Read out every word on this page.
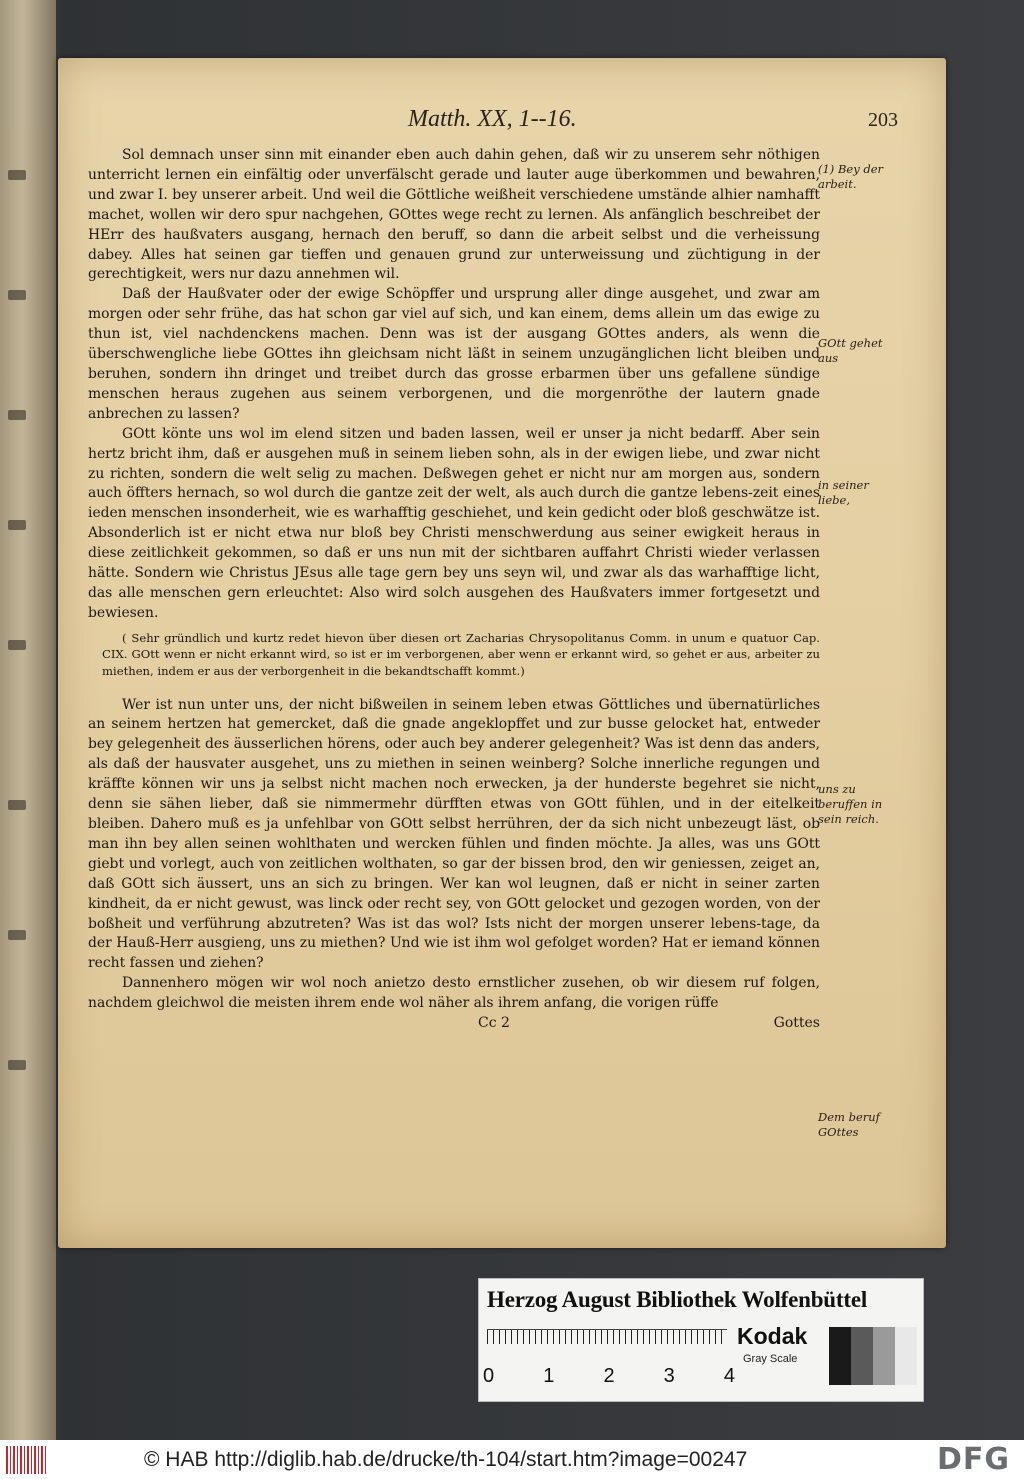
Matth. XX, 1--16.	203

Sol demnach unser sinn mit einander eben auch dahin gehen, daß wir zu unserem sehr nöthigen unterricht lernen ein einfältig oder unverfälscht gerade und lauter auge überkommen und bewahren, und zwar I. bey unserer arbeit. Und weil die Göttliche weißheit verschiedene umstände alhier namhafft machet, wollen wir dero spur nachgehen, GOttes wege recht zu lernen. Als anfänglich beschreibet der HErr des haußvaters ausgang, hernach den beruff, so dann die arbeit selbst und die verheissung dabey. Alles hat seinen gar tieffen und genauen grund zur unterweissung und züchtigung in der gerechtigkeit, wers nur dazu annehmen wil.

Daß der Haußvater oder der ewige Schöpffer und ursprung aller dinge ausgehet, und zwar am morgen oder sehr frühe, das hat schon gar viel auf sich, und kan einem, dems allein um das ewige zu thun ist, viel nachdenckens machen. Denn was ist der ausgang GOttes anders, als wenn die überschwengliche liebe GOttes ihn gleichsam nicht läßt in seinem unzugänglichen licht bleiben und beruhen, sondern ihn dringet und treibet durch das grosse erbarmen über uns gefallene sündige menschen heraus zugehen aus seinem verborgenen, und die morgenröthe der lautern gnade anbrechen zu lassen?

GOtt könte uns wol im elend sitzen und baden lassen, weil er unser ja nicht bedarff. Aber sein hertz bricht ihm, daß er ausgehen muß in seinem lieben sohn, als in der ewigen liebe, und zwar nicht zu richten, sondern die welt selig zu machen. Deßwegen gehet er nicht nur am morgen aus, sondern auch öffters hernach, so wol durch die gantze zeit der welt, als auch durch die gantze lebens-zeit eines ieden menschen insonderheit, wie es warhafftig geschiehet, und kein gedicht oder bloß geschwätze ist. Absonderlich ist er nicht etwa nur bloß bey Christi menschwerdung aus seiner ewigkeit heraus in diese zeitlichkeit gekommen, so daß er uns nun mit der sichtbaren auffahrt Christi wieder verlassen hätte. Sondern wie Christus JEsus alle tage gern bey uns seyn wil, und zwar als das warhafftige licht, das alle menschen gern erleuchtet: Also wird solch ausgehen des Haußvaters immer fortgesetzt und bewiesen.

( Sehr gründlich und kurtz redet hievon über diesen ort Zacharias Chrysopolitanus Comm. in unum e quatuor Cap. CIX. GOtt wenn er nicht erkannt wird, so ist er im verborgenen, aber wenn er erkannt wird, so gehet er aus, arbeiter zu miethen, indem er aus der verborgenheit in die bekandtschafft kommt.)

Wer ist nun unter uns, der nicht bißweilen in seinem leben etwas Göttliches und übernatürliches an seinem hertzen hat gemercket, daß die gnade angeklopffet und zur busse gelocket hat, entweder bey gelegenheit des äusserlichen hörens, oder auch bey anderer gelegenheit? Was ist denn das anders, als daß der hausvater ausgehet, uns zu miethen in seinen weinberg? Solche innerliche regungen und kräffte können wir uns ja selbst nicht machen noch erwecken, ja der hunderste begehret sie nicht, denn sie sähen lieber, daß sie nimmermehr dürfften etwas von GOtt fühlen, und in der eitelkeit bleiben. Dahero muß es ja unfehlbar von GOtt selbst herrühren, der da sich nicht unbezeugt läst, ob man ihn bey allen seinen wohlthaten und wercken fühlen und finden möchte. Ja alles, was uns GOtt giebt und vorlegt, auch von zeitlichen wolthaten, so gar der bissen brod, den wir geniessen, zeiget an, daß GOtt sich äussert, uns an sich zu bringen. Wer kan wol leugnen, daß er nicht in seiner zarten kindheit, da er nicht gewust, was linck oder recht sey, von GOtt gelocket und gezogen worden, von der boßheit und verführung abzutreten? Was ist das wol? Ists nicht der morgen unserer lebens-tage, da der Hauß-Herr ausgieng, uns zu miethen? Und wie ist ihm wol gefolget worden? Hat er iemand können recht fassen und ziehen?

Dannenhero mögen wir wol noch anietzo desto ernstlicher zusehen, ob wir diesem ruf folgen, nachdem gleichwol die meisten ihrem ende wol näher als ihrem anfang, die vorigen rüffe

Cc 2	Gottes
(1) Bey der arbeit.
GOtt gehet aus
in seiner liebe,
uns zu beruffen in sein reich.
Dem beruf GOttes
Herzog August Bibliothek Wolfenbüttel
0 1 2 3 4
Kodak
Gray Scale
© HAB http://diglib.hab.de/drucke/th-104/start.htm?image=00247	DFG
